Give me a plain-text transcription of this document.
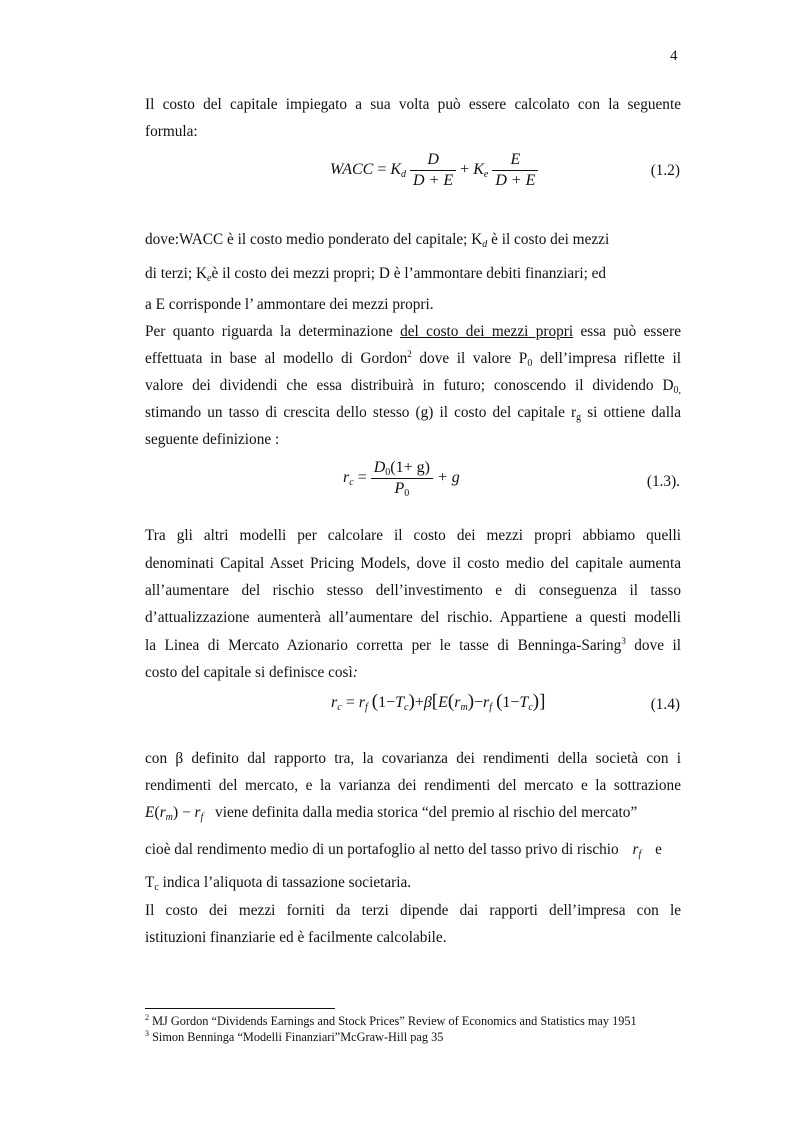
4
Il costo del capitale impiegato a sua volta può essere calcolato con la seguente
formula:
WACC = Kd $\frac{D}{D + E} + Ke \frac{E}{D + E}$	(1.2)
dove:WACC è il costo medio ponderato del capitale; Kd è il costo dei mezzi
di terzi; Keè il costo dei mezzi propri; D è l’ammontare debiti finanziari; ed
a E corrisponde l’ ammontare dei mezzi propri.
Per quanto riguarda la determinazione del costo dei mezzi propri essa può essere
effettuata in base al modello di Gordon$^2$ dove il valore P0 dell’impresa riflette il
valore dei dividendi che essa distribuirà in futuro; conoscendo il dividendo D0,
stimando un tasso di crescita dello stesso (g) il costo del capitale rg si ottiene dalla
seguente definizione :
rc = $\frac{D0(1+ g)}{P0} + g$	(1.3).
Tra gli altri modelli per calcolare il costo dei mezzi propri abbiamo quelli
denominati Capital Asset Pricing Models, dove il costo medio del capitale aumenta
all’aumentare del rischio stesso dell’investimento e di conseguenza il tasso
d’attualizzazione aumenterà all’aumentare del rischio. Appartiene a questi modelli
la Linea di Mercato Azionario corretta per le tasse di Benninga-Saring$^3$ dove il
costo del capitale si definisce così:
rc = rf (1−Tc)+β[E(rm)−rf (1−Tc)]	(1.4)
con β definito dal rapporto tra, la covarianza dei rendimenti della società con i
rendimenti del mercato, e la varianza dei rendimenti del mercato e la sottrazione
E(rm) − rf viene definita dalla media storica “del premio al rischio del mercato”
cioè dal rendimento medio di un portafoglio al netto del tasso privo di rischio rf e
Tc indica l’aliquota di tassazione societaria.
Il costo dei mezzi forniti da terzi dipende dai rapporti dell’impresa con le
istituzioni finanziarie ed è facilmente calcolabile.
$^2$ MJ Gordon “Dividends Earnings and Stock Prices” Review of Economics and Statistics may 1951
$^3$ Simon Benninga “Modelli Finanziari”McGraw-Hill pag 35
